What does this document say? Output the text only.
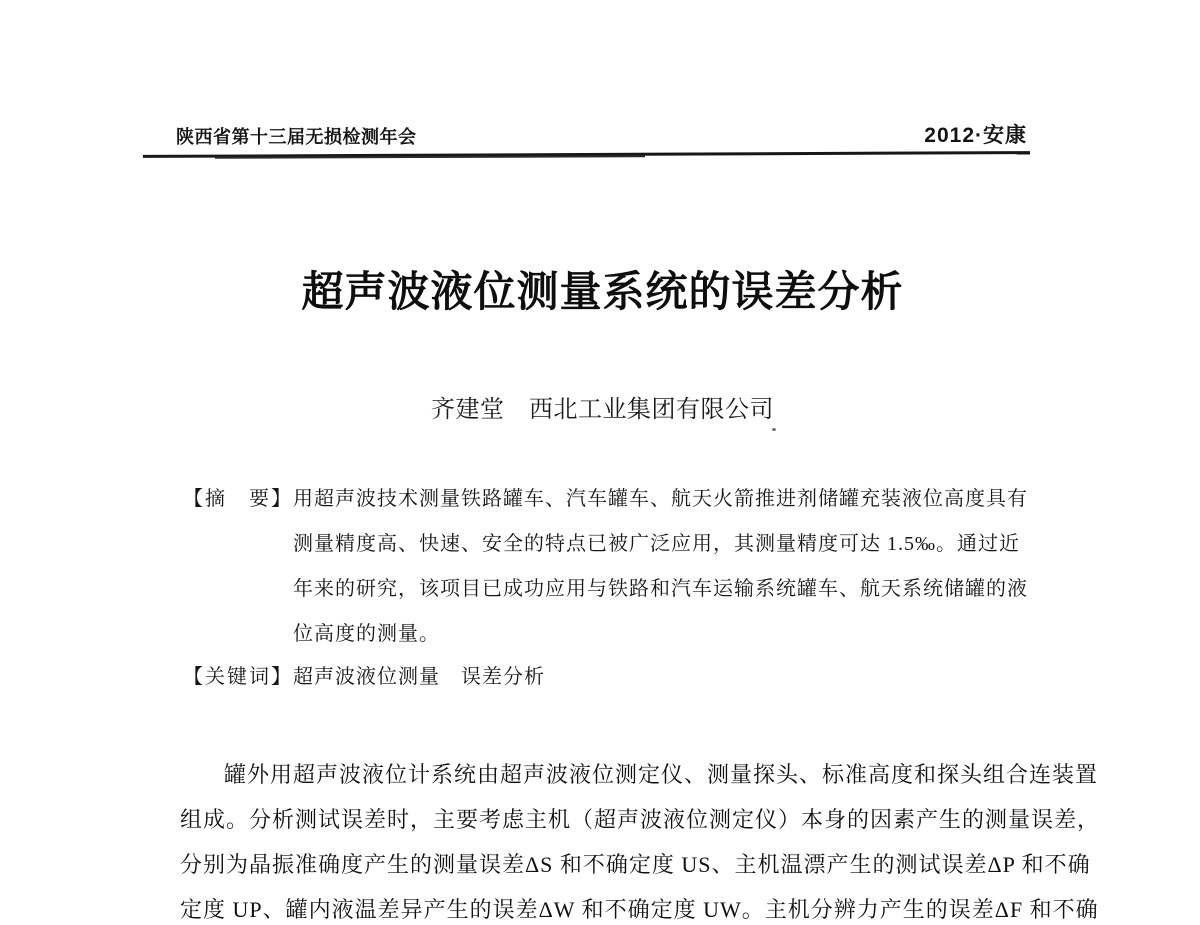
陕西省第十三届无损检测年会	2012·安康
超声波液位测量系统的误差分析
齐建堂　西北工业集团有限公司
【摘　要】 用超声波技术测量铁路罐车、汽车罐车、航天火箭推进剂储罐充装液位高度具有
测量精度高、快速、安全的特点已被广泛应用，其测量精度可达 1.5‰。通过近
年来的研究，该项目已成功应用与铁路和汽车运输系统罐车、航天系统储罐的液
位高度的测量。
【关键词】 超声波液位测量　误差分析
罐外用超声波液位计系统由超声波液位测定仪、测量探头、标准高度和探头组合连装置
组成。分析测试误差时，主要考虑主机（超声波液位测定仪）本身的因素产生的测量误差，
分别为晶振准确度产生的测量误差ΔS 和不确定度 US、主机温漂产生的测试误差ΔP 和不确
定度 UP、罐内液温差异产生的误差ΔW 和不确定度 UW。主机分辨力产生的误差ΔF 和不确
